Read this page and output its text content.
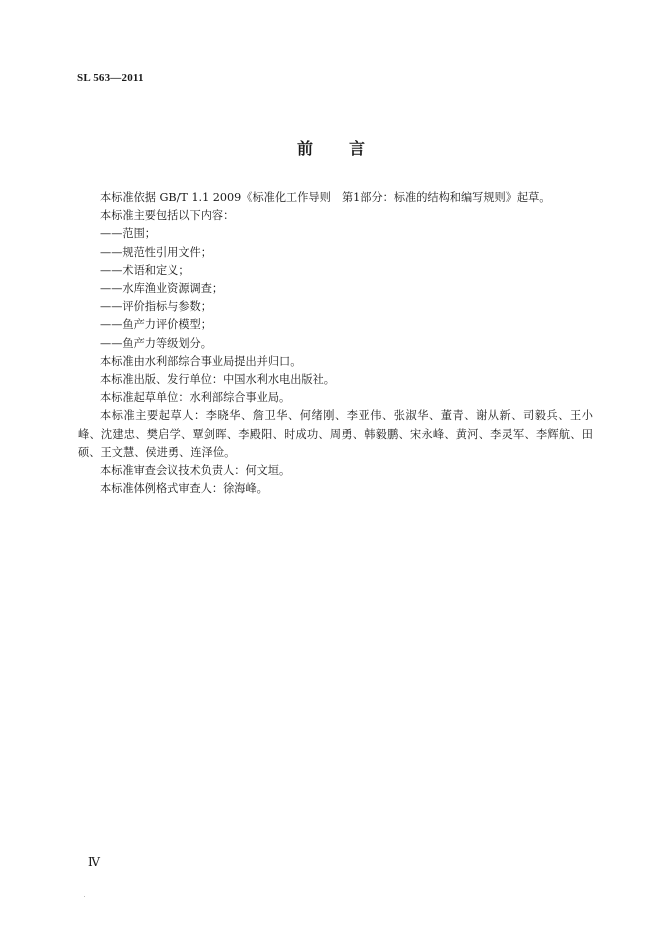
SL 563—2011
前 言

本标准依据 GB/T 1.1 2009《标准化工作导则　第1部分：标准的结构和编写规则》起草。

本标准主要包括以下内容：

——范围；

——规范性引用文件；

——术语和定义；

——水库渔业资源调查；

——评价指标与参数；

——鱼产力评价模型；

——鱼产力等级划分。

本标准由水利部综合事业局提出并归口。

本标准出版、发行单位：中国水利水电出版社。

本标准起草单位：水利部综合事业局。

本标准主要起草人：李晓华、詹卫华、何绪刚、李亚伟、张淑华、董青、谢从新、司毅兵、王小峰、沈建忠、樊启学、覃剑晖、李殿阳、时成功、周勇、韩毅鹏、宋永峰、黄河、李灵军、李辉航、田硕、王文慧、侯进勇、连泽俭。

本标准审查会议技术负责人：何文垣。

本标准体例格式审查人：徐海峰。

Ⅳ
